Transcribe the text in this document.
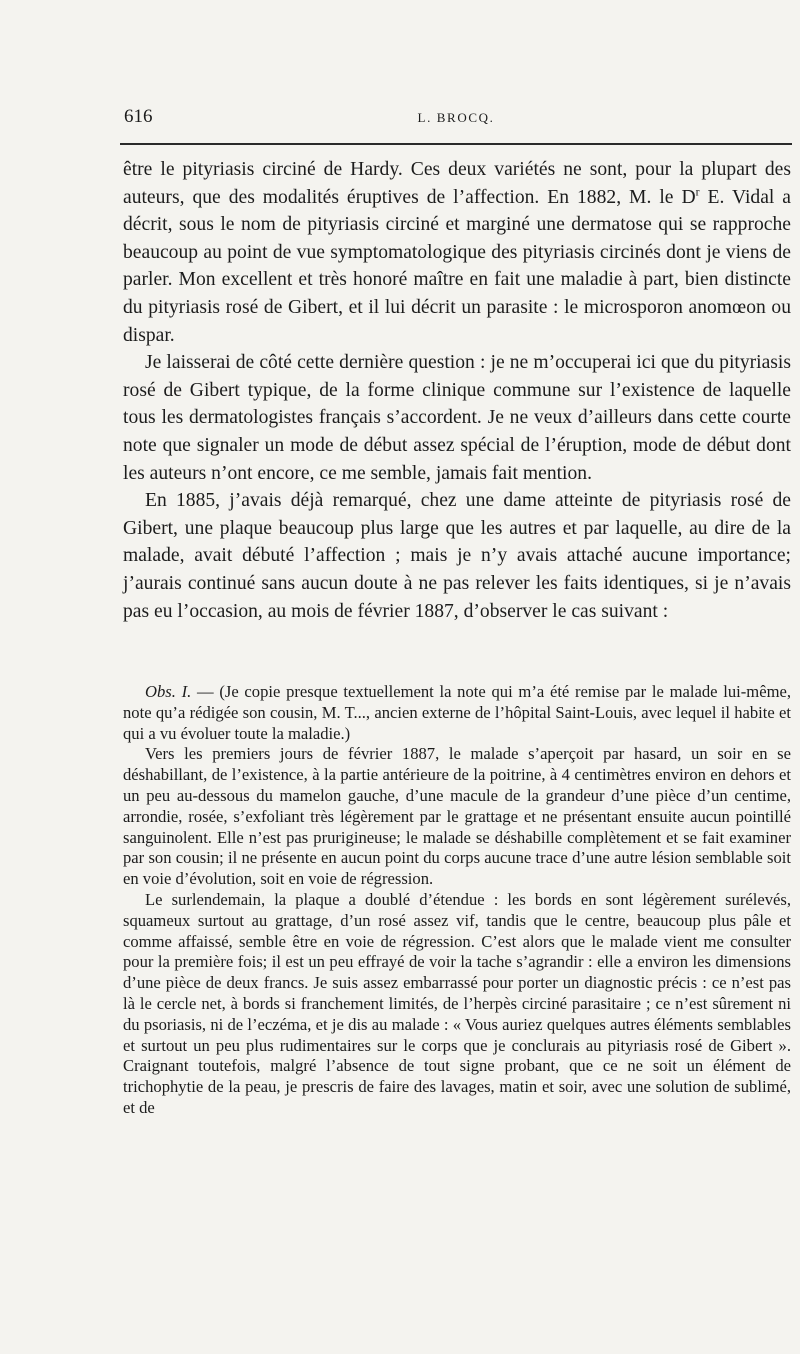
616	L. BROCQ.

être le pityriasis circiné de Hardy. Ces deux variétés ne sont, pour la plupart des auteurs, que des modalités éruptives de l’affection. En 1882, M. le $D^r$ E. Vidal a décrit, sous le nom de pityriasis circiné et marginé une dermatose qui se rapproche beaucoup au point de vue symptomatologique des pityriasis circinés dont je viens de parler. Mon excellent et très honoré maître en fait une maladie à part, bien distincte du pityriasis rosé de Gibert, et il lui décrit un parasite : le microsporon anomœon ou dispar.

Je laisserai de côté cette dernière question : je ne m’occuperai ici que du pityriasis rosé de Gibert typique, de la forme clinique commune sur l’existence de laquelle tous les dermatologistes français s’accordent. Je ne veux d’ailleurs dans cette courte note que signaler un mode de début assez spécial de l’éruption, mode de début dont les auteurs n’ont encore, ce me semble, jamais fait mention.

En 1885, j’avais déjà remarqué, chez une dame atteinte de pityriasis rosé de Gibert, une plaque beaucoup plus large que les autres et par laquelle, au dire de la malade, avait débuté l’affection ; mais je n’y avais attaché aucune importance; j’aurais continué sans aucun doute à ne pas relever les faits identiques, si je n’avais pas eu l’occasion, au mois de février 1887, d’observer le cas suivant :

Obs. I. — (Je copie presque textuellement la note qui m’a été remise par le malade lui-même, note qu’a rédigée son cousin, M. T..., ancien externe de l’hôpital Saint-Louis, avec lequel il habite et qui a vu évoluer toute la maladie.)

Vers les premiers jours de février 1887, le malade s’aperçoit par hasard, un soir en se déshabillant, de l’existence, à la partie antérieure de la poitrine, à 4 centimètres environ en dehors et un peu au-dessous du mamelon gauche, d’une macule de la grandeur d’une pièce d’un centime, arrondie, rosée, s’exfoliant très légèrement par le grattage et ne présentant ensuite aucun pointillé sanguinolent. Elle n’est pas prurigineuse; le malade se déshabille complètement et se fait examiner par son cousin; il ne présente en aucun point du corps aucune trace d’une autre lésion semblable soit en voie d’évolution, soit en voie de régression.

Le surlendemain, la plaque a doublé d’étendue : les bords en sont légèrement surélevés, squameux surtout au grattage, d’un rosé assez vif, tandis que le centre, beaucoup plus pâle et comme affaissé, semble être en voie de régression. C’est alors que le malade vient me consulter pour la première fois; il est un peu effrayé de voir la tache s’agrandir : elle a environ les dimensions d’une pièce de deux francs. Je suis assez embarrassé pour porter un diagnostic précis : ce n’est pas là le cercle net, à bords si franchement limités, de l’herpès circiné parasitaire ; ce n’est sûrement ni du psoriasis, ni de l’eczéma, et je dis au malade : « Vous auriez quelques autres éléments semblables et surtout un peu plus rudimentaires sur le corps que je conclurais au pityriasis rosé de Gibert ». Craignant toutefois, malgré l’absence de tout signe probant, que ce ne soit un élément de trichophytie de la peau, je prescris de faire des lavages, matin et soir, avec une solution de sublimé, et de
